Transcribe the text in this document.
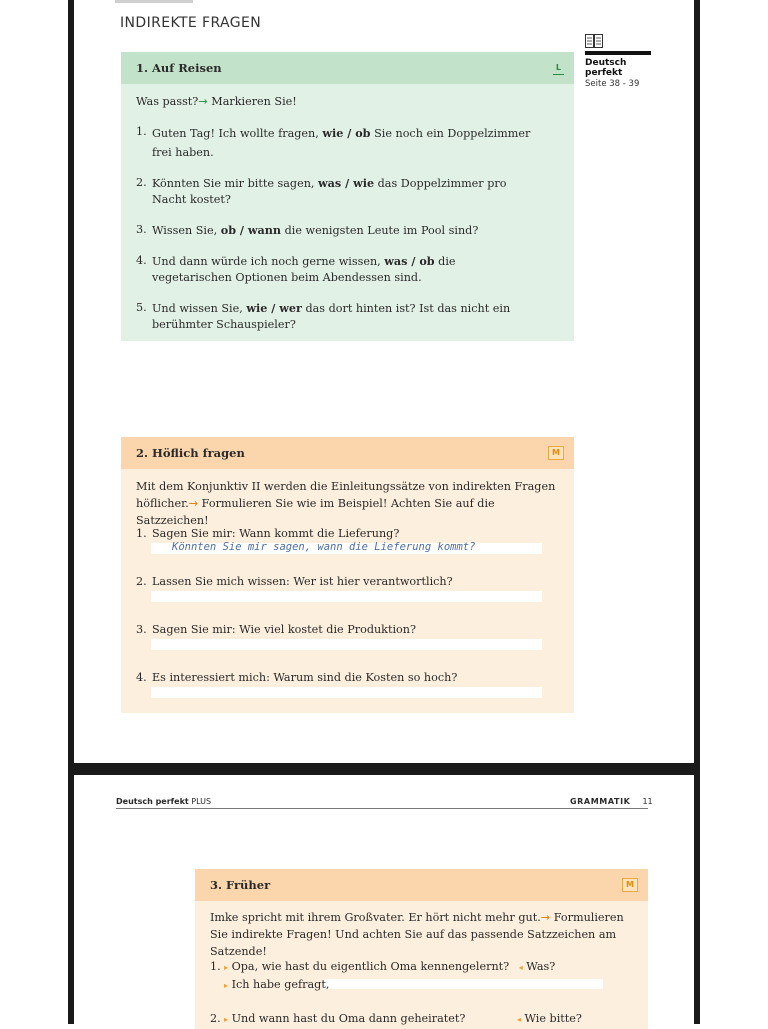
INDIREKTE FRAGEN
Deutsch
perfekt
Seite 38 - 39
1. Auf Reisen	L
Was passt?→ Markieren Sie!
1. Guten Tag! Ich wollte fragen, wie / ob Sie noch ein Doppelzimmer frei haben.
2. Könnten Sie mir bitte sagen, was / wie das Doppelzimmer pro Nacht kostet?
3. Wissen Sie, ob / wann die wenigsten Leute im Pool sind?
4. Und dann würde ich noch gerne wissen, was / ob die vegetarischen Optionen beim Abendessen sind.
5. Und wissen Sie, wie / wer das dort hinten ist? Ist das nicht ein berühmter Schauspieler?
2. Höflich fragen	M
Mit dem Konjunktiv II werden die Einleitungssätze von indirekten Fragen höflicher.→ Formulieren Sie wie im Beispiel! Achten Sie auf die Satzzeichen!
1. Sagen Sie mir: Wann kommt die Lieferung?
Könnten Sie mir sagen, wann die Lieferung kommt?
2. Lassen Sie mich wissen: Wer ist hier verantwortlich?
3. Sagen Sie mir: Wie viel kostet die Produktion?
4. Es interessiert mich: Warum sind die Kosten so hoch?
Deutsch perfekt PLUS	GRAMMATIK 11
3. Früher	M
Imke spricht mit ihrem Großvater. Er hört nicht mehr gut.→ Formulieren Sie indirekte Fragen! Und achten Sie auf das passende Satzzeichen am Satzende!
1. ▸ Opa, wie hast du eigentlich Oma kennengelernt? ◂ Was?
▸ Ich habe gefragt,
2. ▸ Und wann hast du Oma dann geheiratet?	◂ Wie bitte?
